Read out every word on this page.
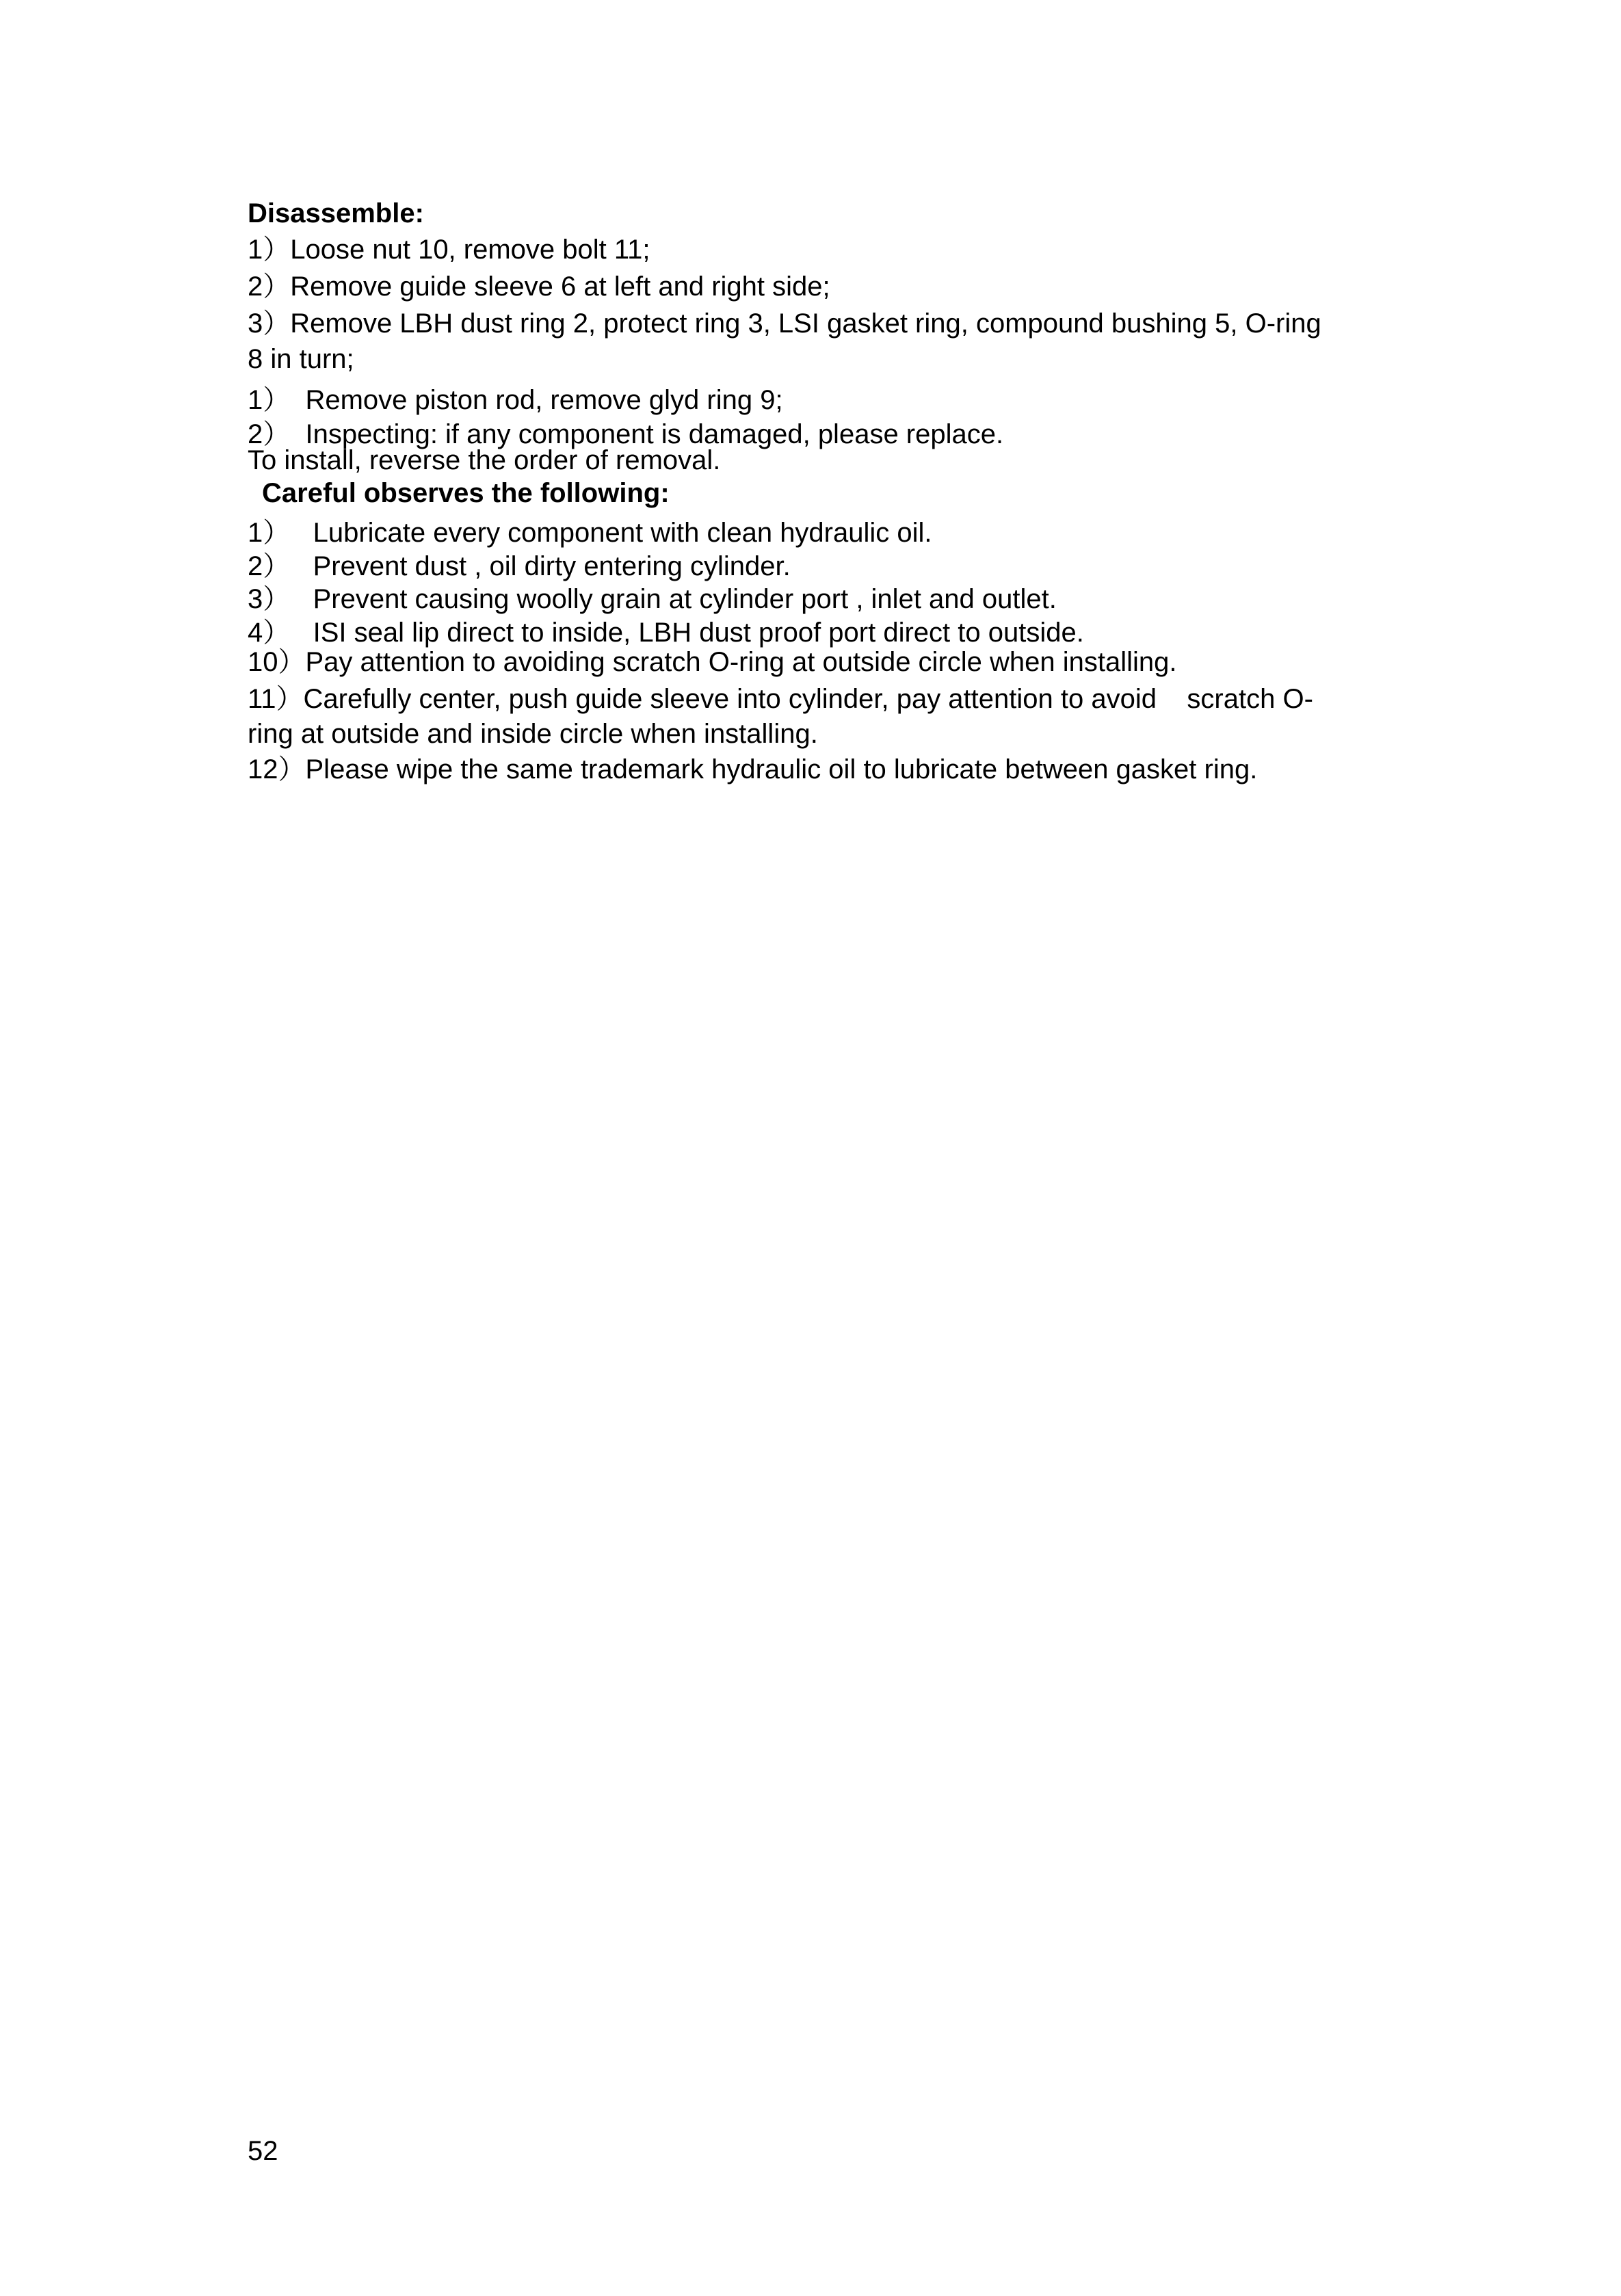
Disassemble:
1）Loose nut 10, remove bolt 11;
2）Remove guide sleeve 6 at left and right side;
3）Remove LBH dust ring 2, protect ring 3, LSI gasket ring, compound bushing 5, O-ring
8 in turn;
1）  Remove piston rod, remove glyd ring 9;
2）  Inspecting: if any component is damaged, please replace.
To install, reverse the order of removal.
Careful observes the following:
1）   Lubricate every component with clean hydraulic oil.
2）   Prevent dust , oil dirty entering cylinder.
3）   Prevent causing woolly grain at cylinder port , inlet and outlet.
4）   ISI seal lip direct to inside, LBH dust proof port direct to outside.
10）Pay attention to avoiding scratch O-ring at outside circle when installing.
11）Carefully center, push guide sleeve into cylinder, pay attention to avoid    scratch O-
ring at outside and inside circle when installing.
12）Please wipe the same trademark hydraulic oil to lubricate between gasket ring.
52
